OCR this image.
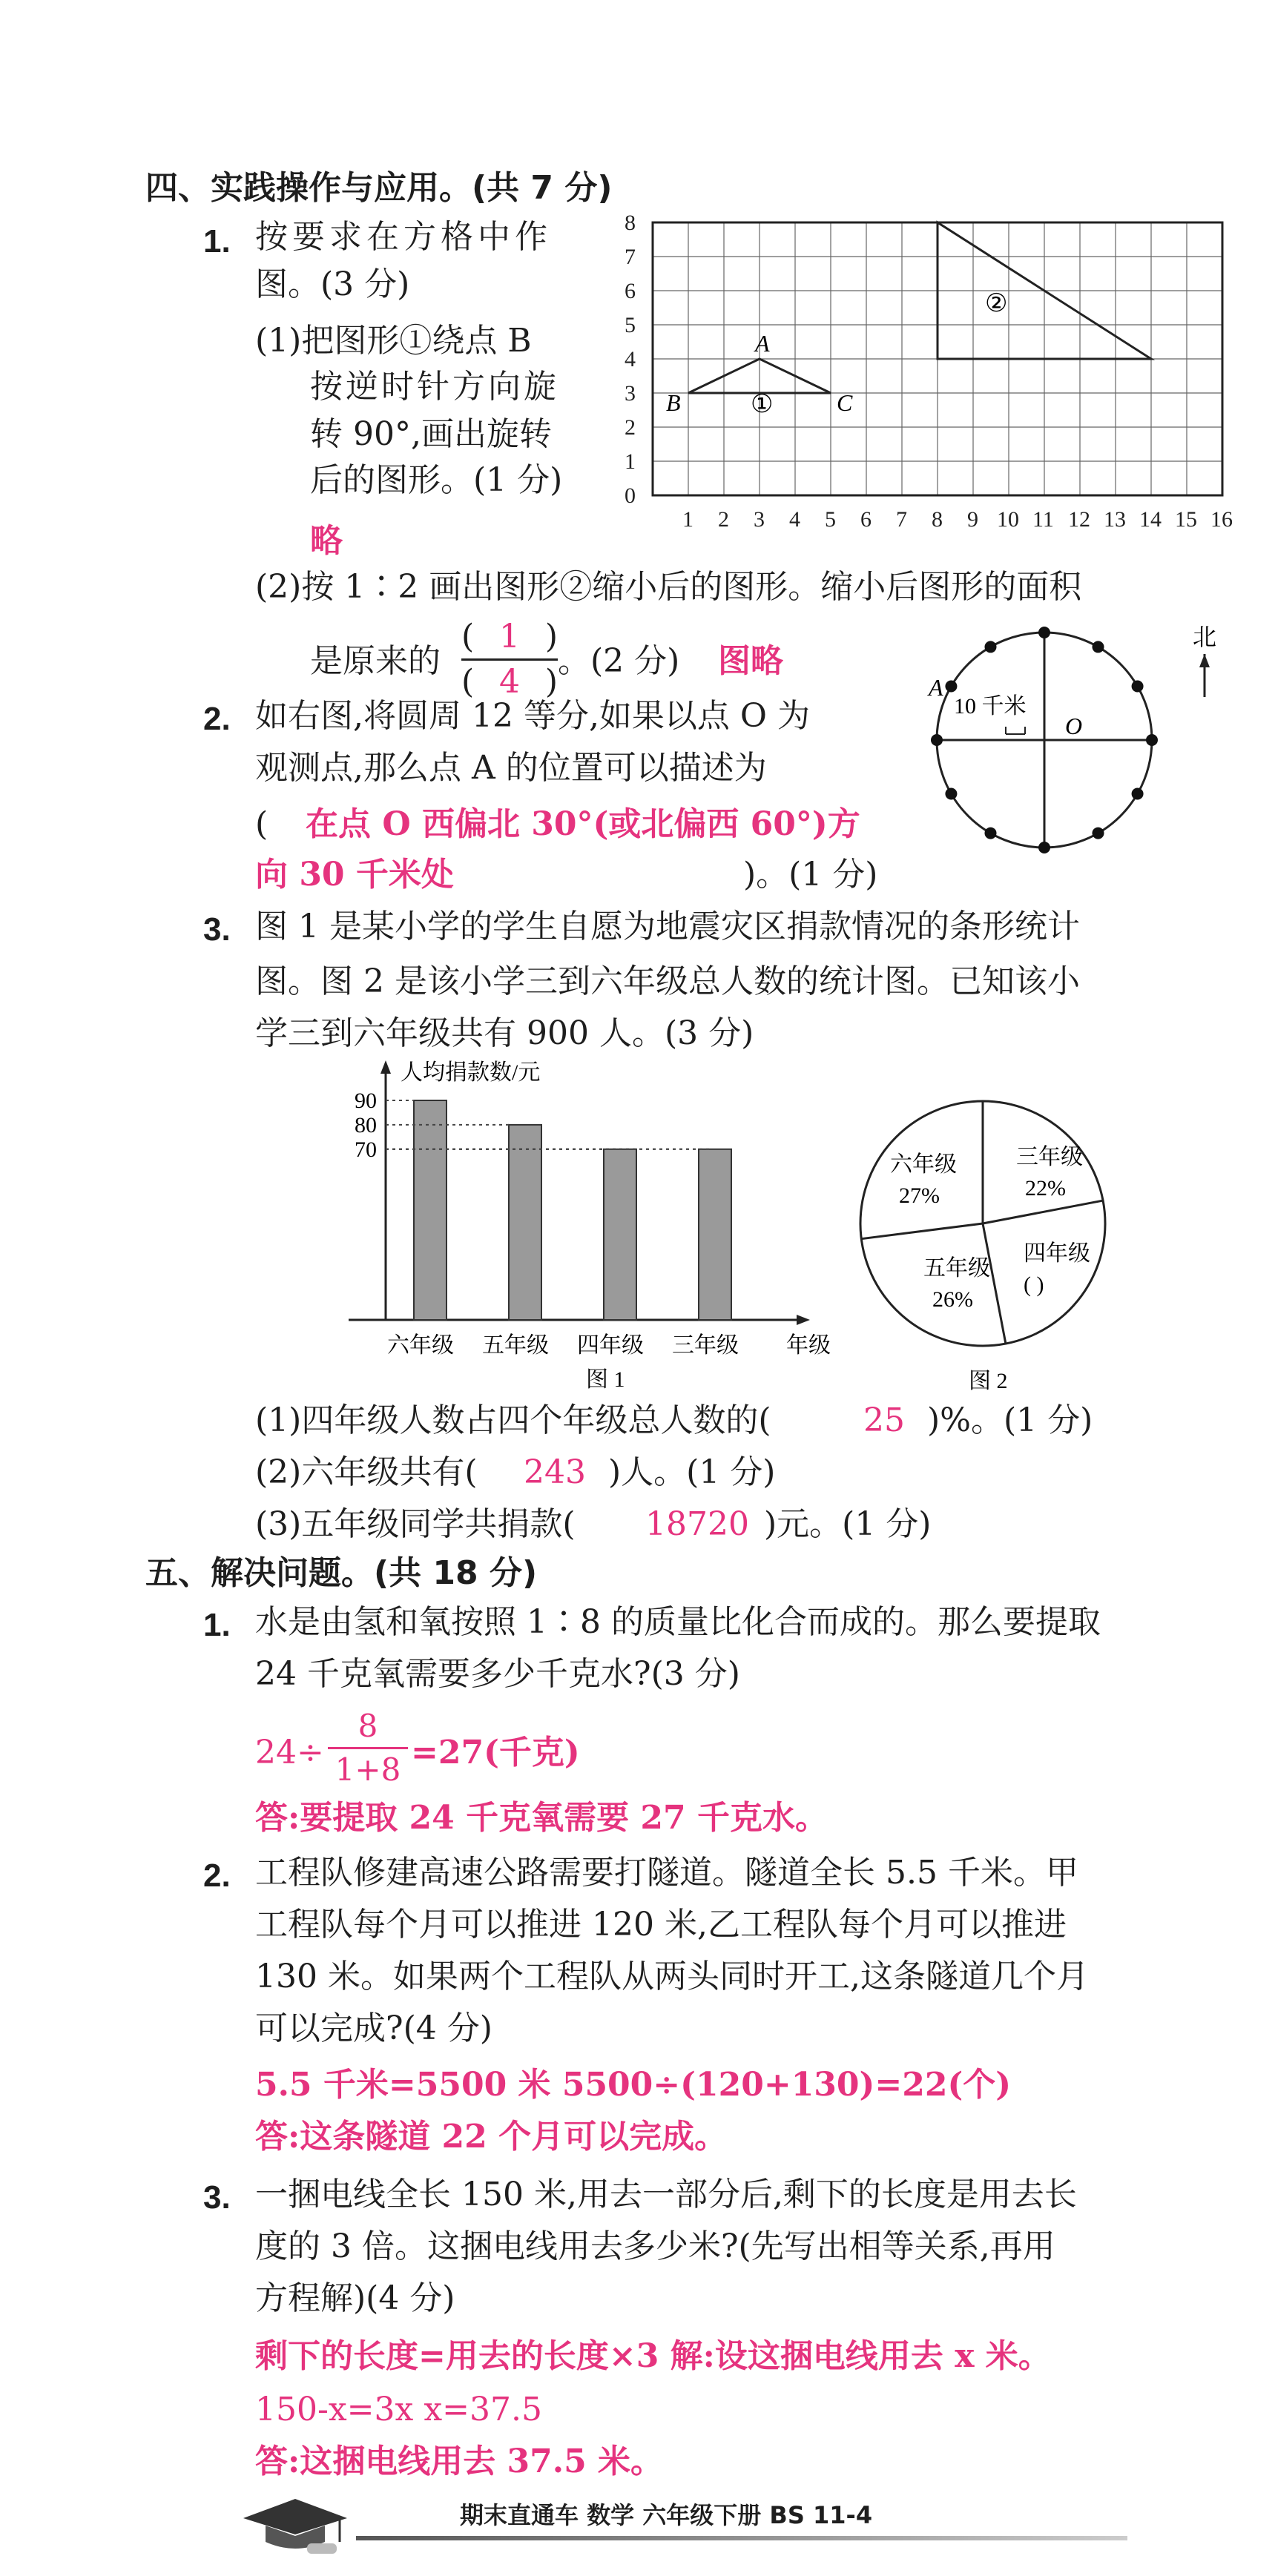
四、实践操作与应用。(共 7 分)
1. 按要求在方格中作
图。(3 分)
(1)把图形①绕点 B
按逆时针方向旋
转 90°,画出旋转
后的图形。(1 分)
略
0
1
2
3
4
5
6
7
8
1 2 3 4 5 6 7 8 9 10 11 12 13 14 15 16
B
A
C
①
②
(2)按 1∶2 画出图形②缩小后的图形。缩小后图形的面积
是原来的
( 1 )
( 4 )
。(2 分) 图略
10 千米
A
O
北
2. 如右图,将圆周 12 等分,如果以点 O 为
观测点,那么点 A 的位置可以描述为
( 在点 O 西偏北 30°(或北偏西 60°)方
向 30 千米处	)。(1 分)
3. 图 1 是某小学的学生自愿为地震灾区捐款情况的条形统计
图。图 2 是该小学三到六年级总人数的统计图。已知该小
学三到六年级共有 900 人。(3 分)
六年级 五年级 四年级 三年级
70
80
90
人均捐款数/元
年级
图 1
三年级
22%
四年级
( )
五年级
26%
六年级
27%
图 2
(1)四年级人数占四个年级总人数的(	25 )%。(1 分)
(2)六年级共有( 243 )人。(1 分)
(3)五年级同学共捐款( 18720 )元。(1 分)
五、解决问题。(共 18 分)
1. 水是由氢和氧按照 1∶8 的质量比化合而成的。那么要提取
24 千克氧需要多少千克水?(3 分)
24÷
8
1+8 =27(千克)
答:要提取 24 千克氧需要 27 千克水。
2. 工程队修建高速公路需要打隧道。隧道全长 5.5 千米。甲
工程队每个月可以推进 120 米,乙工程队每个月可以推进
130 米。如果两个工程队从两头同时开工,这条隧道几个月
可以完成?(4 分)
5.5 千米=5500 米 5500÷(120+130)=22(个)
答:这条隧道 22 个月可以完成。
3. 一捆电线全长 150 米,用去一部分后,剩下的长度是用去长
度的 3 倍。这捆电线用去多少米?(先写出相等关系,再用
方程解)(4 分)
剩下的长度=用去的长度×3 解:设这捆电线用去 x 米。
150-x=3x x=37.5
答:这捆电线用去 37.5 米。
期末直通车 数学 六年级下册 BS 11-4
